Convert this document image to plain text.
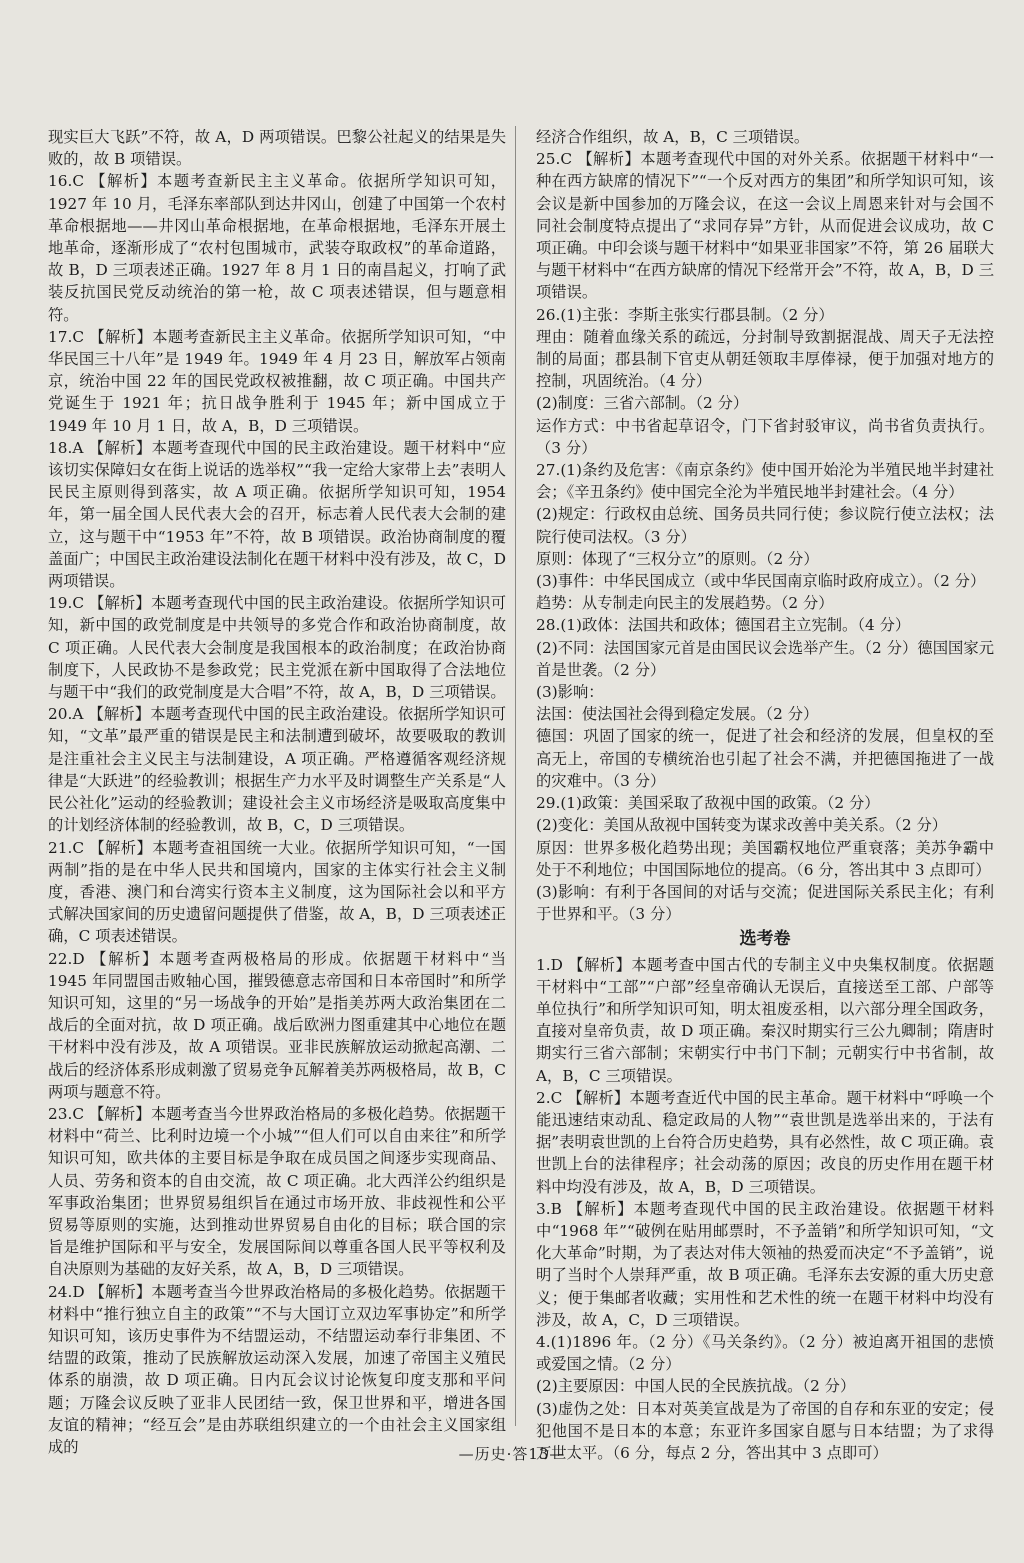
现实巨大飞跃”不符，故 A，D 两项错误。巴黎公社起义的结果是失败的，故 B 项错误。

16.C 【解析】本题考查新民主主义革命。依据所学知识可知，1927 年 10 月，毛泽东率部队到达井冈山，创建了中国第一个农村革命根据地——井冈山革命根据地，在革命根据地，毛泽东开展土地革命，逐渐形成了“农村包围城市，武装夺取政权”的革命道路，故 B，D 三项表述正确。1927 年 8 月 1 日的南昌起义，打响了武装反抗国民党反动统治的第一枪，故 C 项表述错误，但与题意相符。

17.C 【解析】本题考查新民主主义革命。依据所学知识可知，“中华民国三十八年”是 1949 年。1949 年 4 月 23 日，解放军占领南京，统治中国 22 年的国民党政权被推翻，故 C 项正确。中国共产党诞生于 1921 年；抗日战争胜利于 1945 年；新中国成立于 1949 年 10 月 1 日，故 A，B，D 三项错误。

18.A 【解析】本题考查现代中国的民主政治建设。题干材料中“应该切实保障妇女在街上说话的选举权”“我一定给大家带上去”表明人民民主原则得到落实，故 A 项正确。依据所学知识可知，1954 年，第一届全国人民代表大会的召开，标志着人民代表大会制的建立，这与题干中“1953 年”不符，故 B 项错误。政治协商制度的覆盖面广；中国民主政治建设法制化在题干材料中没有涉及，故 C，D 两项错误。

19.C 【解析】本题考查现代中国的民主政治建设。依据所学知识可知，新中国的政党制度是中共领导的多党合作和政治协商制度，故 C 项正确。人民代表大会制度是我国根本的政治制度；在政治协商制度下，人民政协不是参政党；民主党派在新中国取得了合法地位与题干中“我们的政党制度是大合唱”不符，故 A，B，D 三项错误。

20.A 【解析】本题考查现代中国的民主政治建设。依据所学知识可知，“文革”最严重的错误是民主和法制遭到破坏，故要吸取的教训是注重社会主义民主与法制建设，A 项正确。严格遵循客观经济规律是“大跃进”的经验教训；根据生产力水平及时调整生产关系是“人民公社化”运动的经验教训；建设社会主义市场经济是吸取高度集中的计划经济体制的经验教训，故 B，C，D 三项错误。

21.C 【解析】本题考查祖国统一大业。依据所学知识可知，“一国两制”指的是在中华人民共和国境内，国家的主体实行社会主义制度，香港、澳门和台湾实行资本主义制度，这为国际社会以和平方式解决国家间的历史遗留问题提供了借鉴，故 A，B，D 三项表述正确，C 项表述错误。

22.D 【解析】本题考查两极格局的形成。依据题干材料中“当 1945 年同盟国击败轴心国，摧毁德意志帝国和日本帝国时”和所学知识可知，这里的“另一场战争的开始”是指美苏两大政治集团在二战后的全面对抗，故 D 项正确。战后欧洲力图重建其中心地位在题干材料中没有涉及，故 A 项错误。亚非民族解放运动掀起高潮、二战后的经济体系形成刺激了贸易竞争瓦解着美苏两极格局，故 B，C 两项与题意不符。

23.C 【解析】本题考查当今世界政治格局的多极化趋势。依据题干材料中“荷兰、比利时边境一个小城”“但人们可以自由来往”和所学知识可知，欧共体的主要目标是争取在成员国之间逐步实现商品、人员、劳务和资本的自由交流，故 C 项正确。北大西洋公约组织是军事政治集团；世界贸易组织旨在通过市场开放、非歧视性和公平贸易等原则的实施，达到推动世界贸易自由化的目标；联合国的宗旨是维护国际和平与安全，发展国际间以尊重各国人民平等权利及自决原则为基础的友好关系，故 A，B，D 三项错误。

24.D 【解析】本题考查当今世界政治格局的多极化趋势。依据题干材料中“推行独立自主的政策”“不与大国订立双边军事协定”和所学知识可知，该历史事件为不结盟运动，不结盟运动奉行非集团、不结盟的政策，推动了民族解放运动深入发展，加速了帝国主义殖民体系的崩溃，故 D 项正确。日内瓦会议讨论恢复印度支那和平问题；万隆会议反映了亚非人民团结一致，保卫世界和平，增进各国友谊的精神；“经互会”是由苏联组织建立的一个由社会主义国家组成的

经济合作组织，故 A，B，C 三项错误。

25.C 【解析】本题考查现代中国的对外关系。依据题干材料中“一种在西方缺席的情况下”“一个反对西方的集团”和所学知识可知，该会议是新中国参加的万隆会议，在这一会议上周恩来针对与会国不同社会制度特点提出了“求同存异”方针，从而促进会议成功，故 C 项正确。中印会谈与题干材料中“如果亚非国家”不符，第 26 届联大与题干材料中“在西方缺席的情况下经常开会”不符，故 A，B，D 三项错误。

26.(1)主张：李斯主张实行郡县制。（2 分）

理由：随着血缘关系的疏远，分封制导致割据混战、周天子无法控制的局面；郡县制下官吏从朝廷领取丰厚俸禄，便于加强对地方的控制，巩固统治。（4 分）

(2)制度：三省六部制。（2 分）

运作方式：中书省起草诏令，门下省封驳审议，尚书省负责执行。（3 分）

27.(1)条约及危害：《南京条约》使中国开始沦为半殖民地半封建社会；《辛丑条约》使中国完全沦为半殖民地半封建社会。（4 分）

(2)规定：行政权由总统、国务员共同行使；参议院行使立法权；法院行使司法权。（3 分）

原则：体现了“三权分立”的原则。（2 分）

(3)事件：中华民国成立（或中华民国南京临时政府成立）。（2 分）

趋势：从专制走向民主的发展趋势。（2 分）

28.(1)政体：法国共和政体；德国君主立宪制。（4 分）

(2)不同：法国国家元首是由国民议会选举产生。（2 分）德国国家元首是世袭。（2 分）

(3)影响：

法国：使法国社会得到稳定发展。（2 分）

德国：巩固了国家的统一，促进了社会和经济的发展，但皇权的至高无上，帝国的专横统治也引起了社会不满，并把德国拖进了一战的灾难中。（3 分）

29.(1)政策：美国采取了敌视中国的政策。（2 分）

(2)变化：美国从敌视中国转变为谋求改善中美关系。（2 分）

原因：世界多极化趋势出现；美国霸权地位严重衰落；美苏争霸中处于不利地位；中国国际地位的提高。（6 分，答出其中 3 点即可）

(3)影响：有利于各国间的对话与交流；促进国际关系民主化；有利于世界和平。（3 分）

选考卷

1.D 【解析】本题考查中国古代的专制主义中央集权制度。依据题干材料中“工部”“户部”经皇帝确认无误后，直接送至工部、户部等单位执行”和所学知识可知，明太祖废丞相，以六部分理全国政务，直接对皇帝负责，故 D 项正确。秦汉时期实行三公九卿制；隋唐时期实行三省六部制；宋朝实行中书门下制；元朝实行中书省制，故 A，B，C 三项错误。

2.C 【解析】本题考查近代中国的民主革命。题干材料中“呼唤一个能迅速结束动乱、稳定政局的人物”“袁世凯是选举出来的，于法有据”表明袁世凯的上台符合历史趋势，具有必然性，故 C 项正确。袁世凯上台的法律程序；社会动荡的原因；改良的历史作用在题干材料中均没有涉及，故 A，B，D 三项错误。

3.B 【解析】本题考查现代中国的民主政治建设。依据题干材料中“1968 年”“破例在贴用邮票时，不予盖销”和所学知识可知，“文化大革命”时期，为了表达对伟大领袖的热爱而决定“不予盖销”，说明了当时个人崇拜严重，故 B 项正确。毛泽东去安源的重大历史意义；便于集邮者收藏；实用性和艺术性的统一在题干材料中均没有涉及，故 A，C，D 三项错误。

4.(1)1896 年。（2 分）《马关条约》。（2 分）被迫离开祖国的悲愤或爱国之情。（2 分）

(2)主要原因：中国人民的全民族抗战。（2 分）

(3)虚伪之处：日本对英美宣战是为了帝国的自存和东亚的安定；侵犯他国不是日本的本意；东亚许多国家自愿与日本结盟；为了求得万世太平。（6 分，每点 2 分，答出其中 3 点即可）

—历史·答13—
